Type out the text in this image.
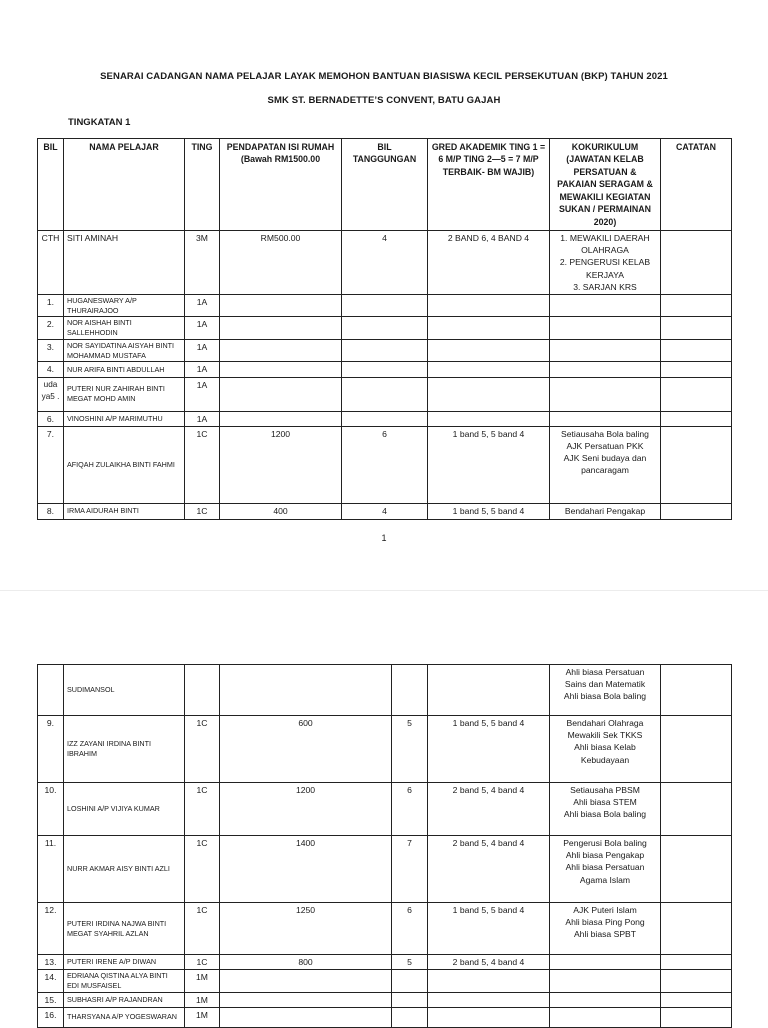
SENARAI CADANGAN NAMA PELAJAR LAYAK MEMOHON BANTUAN BIASISWA KECIL PERSEKUTUAN (BKP) TAHUN 2021
SMK ST. BERNADETTE’S CONVENT, BATU GAJAH
TINGKATAN 1
BIL	NAMA PELAJAR	TING	PENDAPATAN ISI RUMAH (Bawah RM1500.00	BIL TANGGUNGAN	GRED AKADEMIK TING 1 = 6 M/P TING 2—5 = 7 M/P TERBAIK- BM WAJIB)	KOKURIKULUM (JAWATAN KELAB PERSATUAN & PAKAIAN SERAGAM & MEWAKILI KEGIATAN SUKAN / PERMAINAN 2020)	CATATAN
CTH	SITI AMINAH	3M	RM500.00	4	2 BAND 6, 4 BAND 4	1. MEWAKILI DAERAH
OLAHRAGA
2. PENGERUSI KELAB
KERJAYA
3. SARJAN KRS	
1.	HUGANESWARY A/P THURAIRAJOO	1A					
2.	NOR AISHAH BINTI SALLEHHODIN	1A					
3.	NOR SAYIDATINA AISYAH BINTI MOHAMMAD MUSTAFA	1A					
4.	NUR ARIFA BINTI ABDULLAH	1A					
uda ya5 .	PUTERI NUR ZAHIRAH BINTI MEGAT MOHD AMIN	1A					
6.	VINOSHINI A/P MARIMUTHU	1A					
7.	AFIQAH ZULAIKHA BINTI FAHMI	1C	1200	6	1 band 5, 5 band 4	Setiausaha Bola baling
AJK Persatuan PKK
AJK Seni budaya dan
pancaragam	
8.	IRMA AIDURAH BINTI	1C	400	4	1 band 5, 5 band 4	Bendahari Pengakap	
1
	SUDIMANSOL					Ahli biasa Persatuan
Sains dan Matematik
Ahli biasa Bola baling	
9.	IZZ ZAYANI IRDINA BINTI IBRAHIM	1C	600	5	1 band 5, 5 band 4	Bendahari Olahraga
Mewakili Sek TKKS
Ahli biasa Kelab
Kebudayaan	
10.	LOSHINI A/P VIJIYA KUMAR	1C	1200	6	2 band 5, 4 band 4	Setiausaha PBSM
Ahli biasa STEM
Ahli biasa Bola baling	
11.	NURR AKMAR AISY BINTI AZLI	1C	1400	7	2 band 5, 4 band 4	Pengerusi Bola baling
Ahli biasa Pengakap
Ahli biasa Persatuan
Agama Islam	
12.	PUTERI IRDINA NAJWA BINTI MEGAT SYAHRIL AZLAN	1C	1250	6	1 band 5, 5 band 4	AJK Puteri Islam
Ahli biasa Ping Pong
Ahli biasa SPBT	
13.	PUTERI IRENE A/P DIWAN	1C	800	5	2 band 5, 4 band 4		
14.	EDRIANA QISTINA ALYA BINTI EDI MUSFAISEL	1M					
15.	SUBHASRI A/P RAJANDRAN	1M					
16.	THARSYANA A/P YOGESWARAN	1M					
